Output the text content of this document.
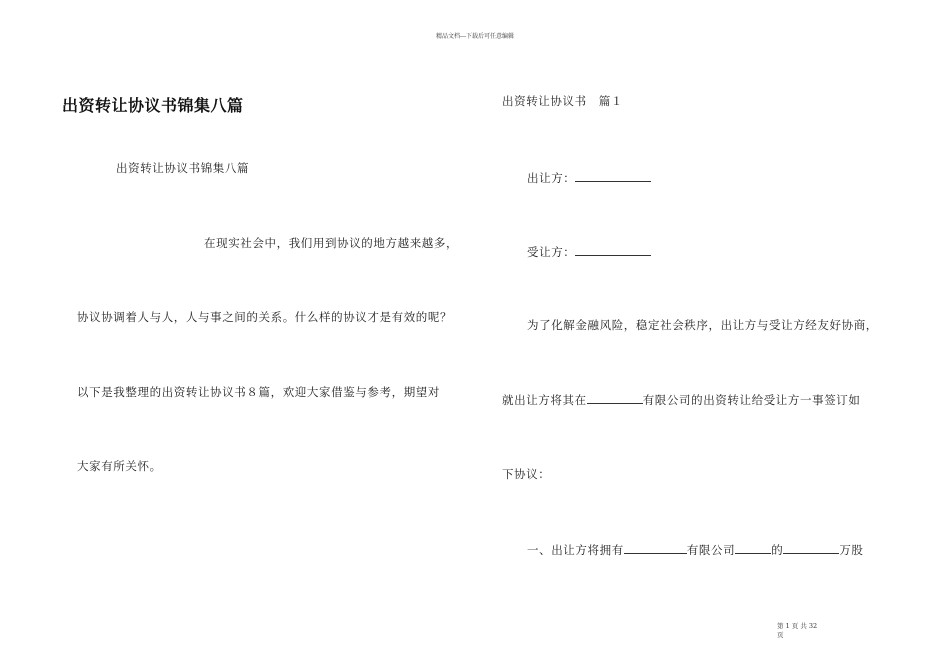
精品文档---下载后可任意编辑
出资转让协议书锦集八篇
出资转让协议书锦集八篇
在现实社会中，我们用到协议的地方越来越多，
协议协调着人与人，人与事之间的关系。什么样的协议才是有效的呢？
以下是我整理的出资转让协议书８篇，欢迎大家借鉴与参考，期望对
大家有所关怀。
出资转让协议书　篇１
出让方：
受让方：
为了化解金融风险，稳定社会秩序，出让方与受让方经友好协商，
就出让方将其在	有限公司的出资转让给受让方一事签订如
下协议：
一、出让方将拥有	有限公司	的	万股
第 1 页 共 32
页
